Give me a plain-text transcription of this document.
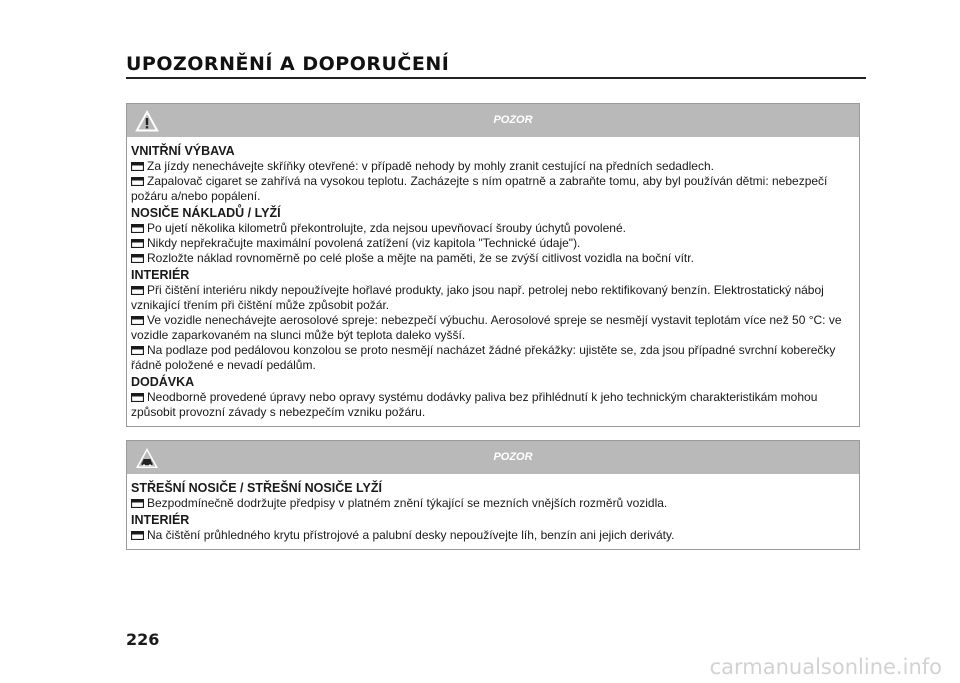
UPOZORNĚNÍ A DOPORUČENÍ
POZOR
VNITŘNÍ VÝBAVA
Za jízdy nenechávejte skříňky otevřené: v případě nehody by mohly zranit cestující na předních sedadlech.
Zapalovač cigaret se zahřívá na vysokou teplotu. Zacházejte s ním opatrně a zabraňte tomu, aby byl používán dětmi: nebezpečí požáru a/nebo popálení.
NOSIČE NÁKLADŮ / LYŽÍ
Po ujetí několika kilometrů překontrolujte, zda nejsou upevňovací šrouby úchytů povolené.
Nikdy nepřekračujte maximální povolená zatížení (viz kapitola "Technické údaje").
Rozložte náklad rovnoměrně po celé ploše a mějte na paměti, že se zvýší citlivost vozidla na boční vítr.
INTERIÉR
Při čištění interiéru nikdy nepoužívejte hořlavé produkty, jako jsou např. petrolej nebo rektifikovaný benzín. Elektrostatický náboj vznikající třením při čištění může způsobit požár.
Ve vozidle nenechávejte aerosolové spreje: nebezpečí výbuchu. Aerosolové spreje se nesmějí vystavit teplotám více než 50 °C: ve vozidle zaparkovaném na slunci může být teplota daleko vyšší.
Na podlaze pod pedálovou konzolou se proto nesmějí nacházet žádné překážky: ujistěte se, zda jsou případné svrchní koberečky řádně položené e nevadí pedálům.
DODÁVKA
Neodborně provedené úpravy nebo opravy systému dodávky paliva bez přihlédnutí k jeho technickým charakteristikám mohou způsobit provozní závady s nebezpečím vzniku požáru.
POZOR
STŘEŠNÍ NOSIČE / STŘEŠNÍ NOSIČE LYŽÍ
Bezpodmínečně dodržujte předpisy v platném znění týkající se mezních vnějších rozměrů vozidla.
INTERIÉR
Na čištění průhledného krytu přístrojové a palubní desky nepoužívejte líh, benzín ani jejich deriváty.
226
carmanualsonline.info
